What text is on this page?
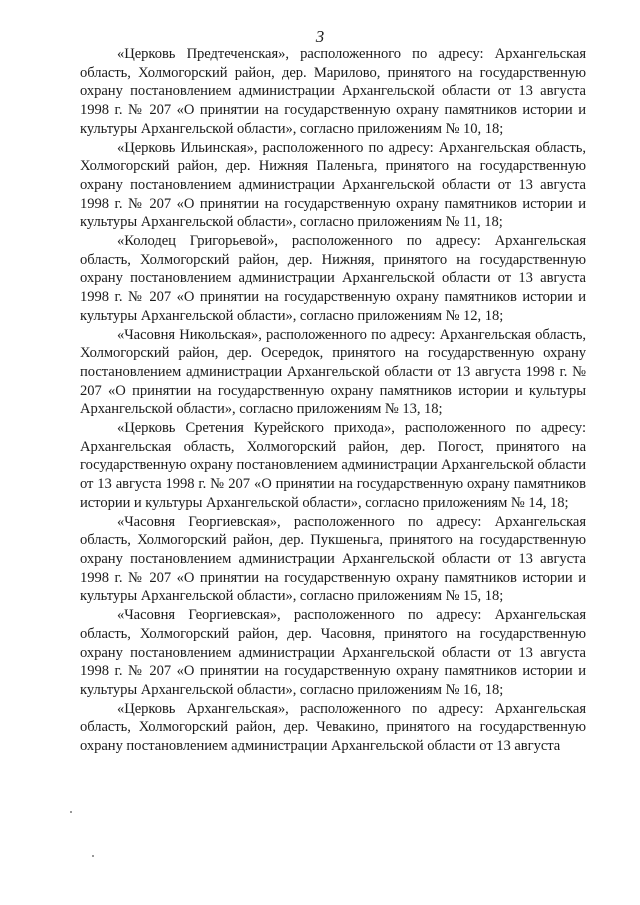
3

«Церковь Предтеченская», расположенного по адресу: Архангельская область, Холмогорский район, дер. Марилово, принятого на государственную охрану постановлением администрации Архангельской области от 13 августа 1998 г. № 207 «О принятии на государственную охрану памятников истории и культуры Архангельской области», согласно приложениям № 10, 18;

«Церковь Ильинская», расположенного по адресу: Архангельская область, Холмогорский район, дер. Нижняя Паленьга, принятого на государственную охрану постановлением администрации Архангельской области от 13 августа 1998 г. № 207 «О принятии на государственную охрану памятников истории и культуры Архангельской области», согласно приложениям № 11, 18;

«Колодец Григорьевой», расположенного по адресу: Архангельская область, Холмогорский район, дер. Нижняя, принятого на государственную охрану постановлением администрации Архангельской области от 13 августа 1998 г. № 207 «О принятии на государственную охрану памятников истории и культуры Архангельской области», согласно приложениям № 12, 18;

«Часовня Никольская», расположенного по адресу: Архангельская область, Холмогорский район, дер. Осередок, принятого на государственную охрану постановлением администрации Архангельской области от 13 августа 1998 г. № 207 «О принятии на государственную охрану памятников истории и культуры Архангельской области», согласно приложениям № 13, 18;

«Церковь Сретения Курейского прихода», расположенного по адресу: Архангельская область, Холмогорский район, дер. Погост, принятого на государственную охрану постановлением администрации Архангельской области от 13 августа 1998 г. № 207 «О принятии на государственную охрану памятников истории и культуры Архангельской области», согласно приложениям № 14, 18;

«Часовня Георгиевская», расположенного по адресу: Архангельская область, Холмогорский район, дер. Пукшеньга, принятого на государственную охрану постановлением администрации Архангельской области от 13 августа 1998 г. № 207 «О принятии на государственную охрану памятников истории и культуры Архангельской области», согласно приложениям № 15, 18;

«Часовня Георгиевская», расположенного по адресу: Архангельская область, Холмогорский район, дер. Часовня, принятого на государственную охрану постановлением администрации Архангельской области от 13 августа 1998 г. № 207 «О принятии на государственную охрану памятников истории и культуры Архангельской области», согласно приложениям № 16, 18;

«Церковь Архангельская», расположенного по адресу: Архангельская область, Холмогорский район, дер. Чевакино, принятого на государственную охрану постановлением администрации Архангельской области от 13 августа
